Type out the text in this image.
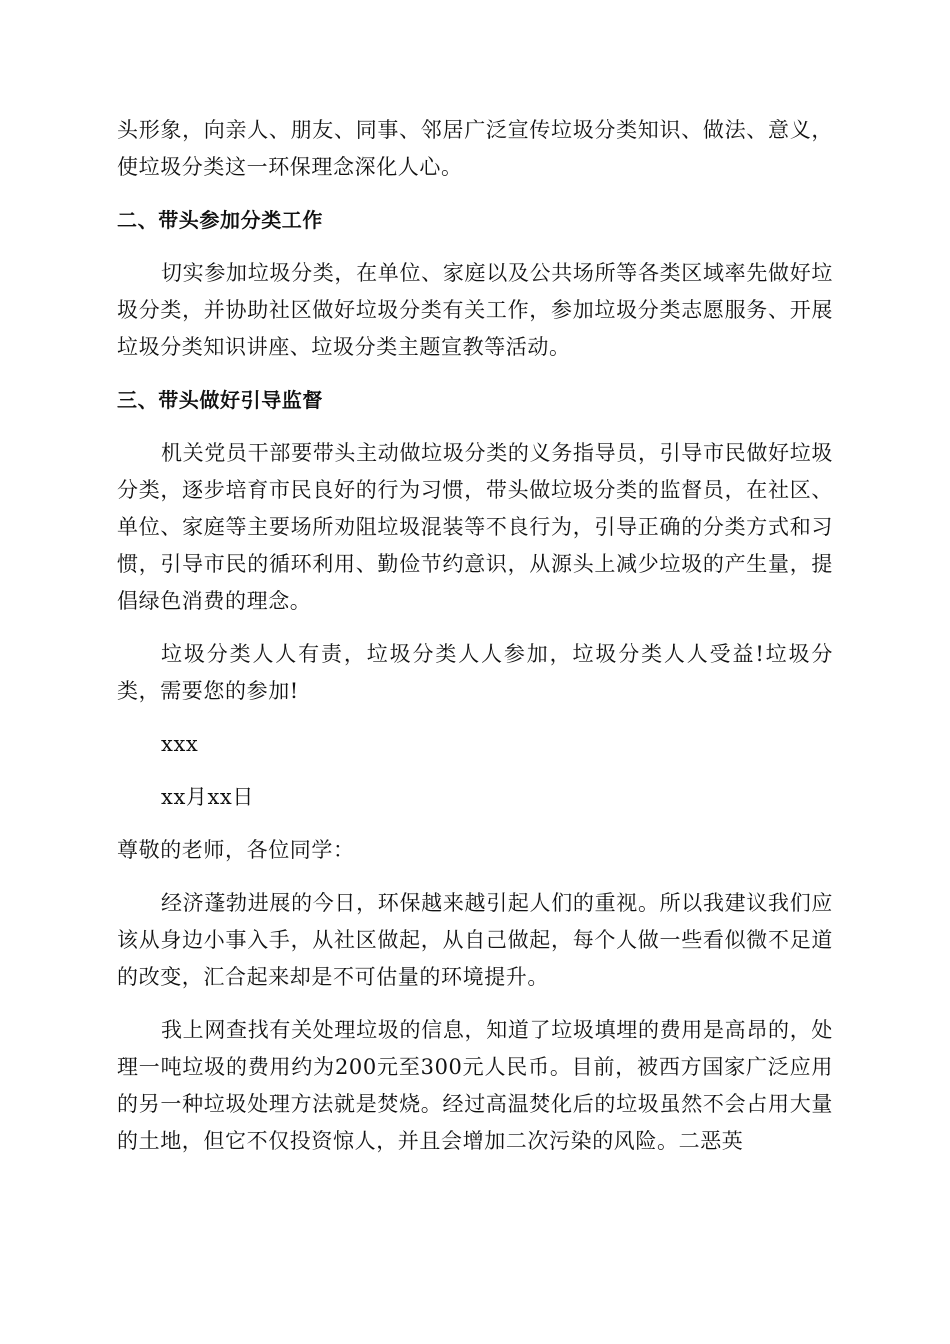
头形象，向亲人、朋友、同事、邻居广泛宣传垃圾分类知识、做法、意义，使垃圾分类这一环保理念深化人心。

二、带头参加分类工作

切实参加垃圾分类，在单位、家庭以及公共场所等各类区域率先做好垃圾分类，并协助社区做好垃圾分类有关工作，参加垃圾分类志愿服务、开展垃圾分类知识讲座、垃圾分类主题宣教等活动。

三、带头做好引导监督

机关党员干部要带头主动做垃圾分类的义务指导员，引导市民做好垃圾分类，逐步培育市民良好的行为习惯，带头做垃圾分类的监督员，在社区、单位、家庭等主要场所劝阻垃圾混装等不良行为，引导正确的分类方式和习惯，引导市民的循环利用、勤俭节约意识，从源头上减少垃圾的产生量，提倡绿色消费的理念。

垃圾分类人人有责，垃圾分类人人参加，垃圾分类人人受益!垃圾分类，需要您的参加!

xxx

xx月xx日

尊敬的老师，各位同学：

经济蓬勃进展的今日，环保越来越引起人们的重视。所以我建议我们应该从身边小事入手，从社区做起，从自己做起，每个人做一些看似微不足道的改变，汇合起来却是不可估量的环境提升。

我上网查找有关处理垃圾的信息，知道了垃圾填埋的费用是高昂的，处理一吨垃圾的费用约为200元至300元人民币。目前，被西方国家广泛应用的另一种垃圾处理方法就是焚烧。经过高温焚化后的垃圾虽然不会占用大量的土地，但它不仅投资惊人，并且会增加二次污染的风险。二恶英
